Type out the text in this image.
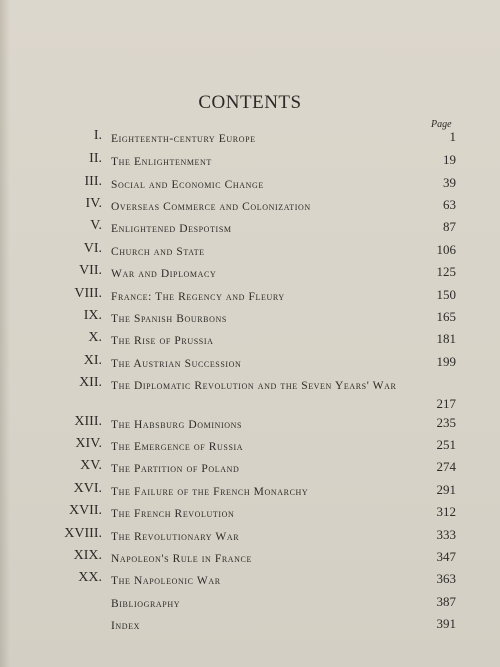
CONTENTS
Page
I. Eighteenth-century Europe	1
II. The Enlightenment	19
III. Social and Economic Change	39
IV. Overseas Commerce and Colonization	63
V. Enlightened Despotism	87
VI. Church and State	106
VII. War and Diplomacy	125
VIII. France: The Regency and Fleury	150
IX. The Spanish Bourbons	165
X. The Rise of Prussia	181
XI. The Austrian Succession	199
XII. The Diplomatic Revolution and the Seven Years' War
217
XIII. The Habsburg Dominions	235
XIV. The Emergence of Russia	251
XV. The Partition of Poland	274
XVI. The Failure of the French Monarchy	291
XVII. The French Revolution	312
XVIII. The Revolutionary War	333
XIX. Napoleon's Rule in France	347
XX. The Napoleonic War	363
Bibliography	387
Index	391
